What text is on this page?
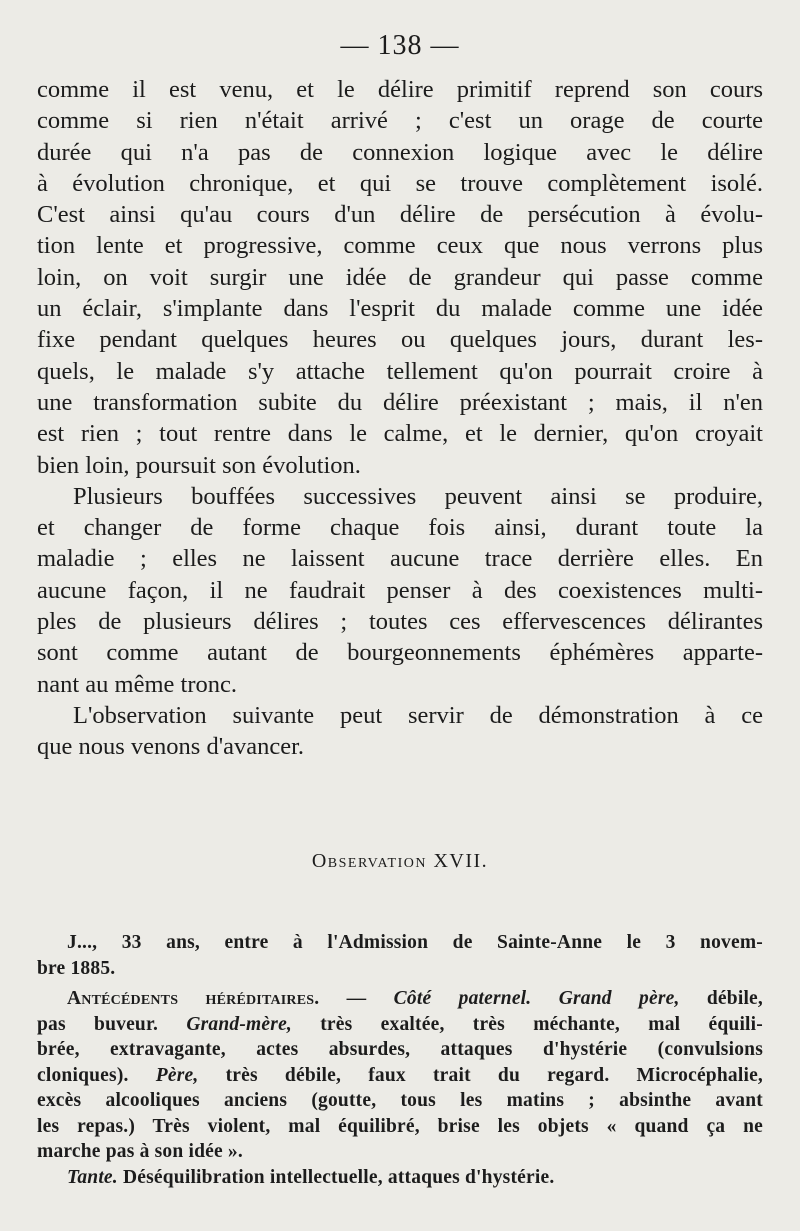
— 138 —

comme il est venu, et le délire primitif reprend son cours
comme si rien n'était arrivé ; c'est un orage de courte
durée qui n'a pas de connexion logique avec le délire
à évolution chronique, et qui se trouve complètement isolé.
C'est ainsi qu'au cours d'un délire de persécution à évolu-
tion lente et progressive, comme ceux que nous verrons plus
loin, on voit surgir une idée de grandeur qui passe comme
un éclair, s'implante dans l'esprit du malade comme une idée
fixe pendant quelques heures ou quelques jours, durant les-
quels, le malade s'y attache tellement qu'on pourrait croire à
une transformation subite du délire préexistant ; mais, il n'en
est rien ; tout rentre dans le calme, et le dernier, qu'on croyait
bien loin, poursuit son évolution.

Plusieurs bouffées successives peuvent ainsi se produire,
et changer de forme chaque fois ainsi, durant toute la
maladie ; elles ne laissent aucune trace derrière elles. En
aucune façon, il ne faudrait penser à des coexistences multi-
ples de plusieurs délires ; toutes ces effervescences délirantes
sont comme autant de bourgeonnements éphémères apparte-
nant au même tronc.

L'observation suivante peut servir de démonstration à ce
que nous venons d'avancer.

Observation XVII.
J..., 33 ans, entre à l'Admission de Sainte-Anne le 3 novem-
bre 1885.
Antécédents héréditaires. — Côté paternel. Grand père, débile,
pas buveur. Grand-mère, très exaltée, très méchante, mal équili-
brée, extravagante, actes absurdes, attaques d'hystérie (convulsions
cloniques). Père, très débile, faux trait du regard. Microcéphalie,
excès alcooliques anciens (goutte, tous les matins ; absinthe avant
les repas.) Très violent, mal équilibré, brise les objets « quand ça ne
marche pas à son idée ».
Tante. Déséquilibration intellectuelle, attaques d'hystérie.
